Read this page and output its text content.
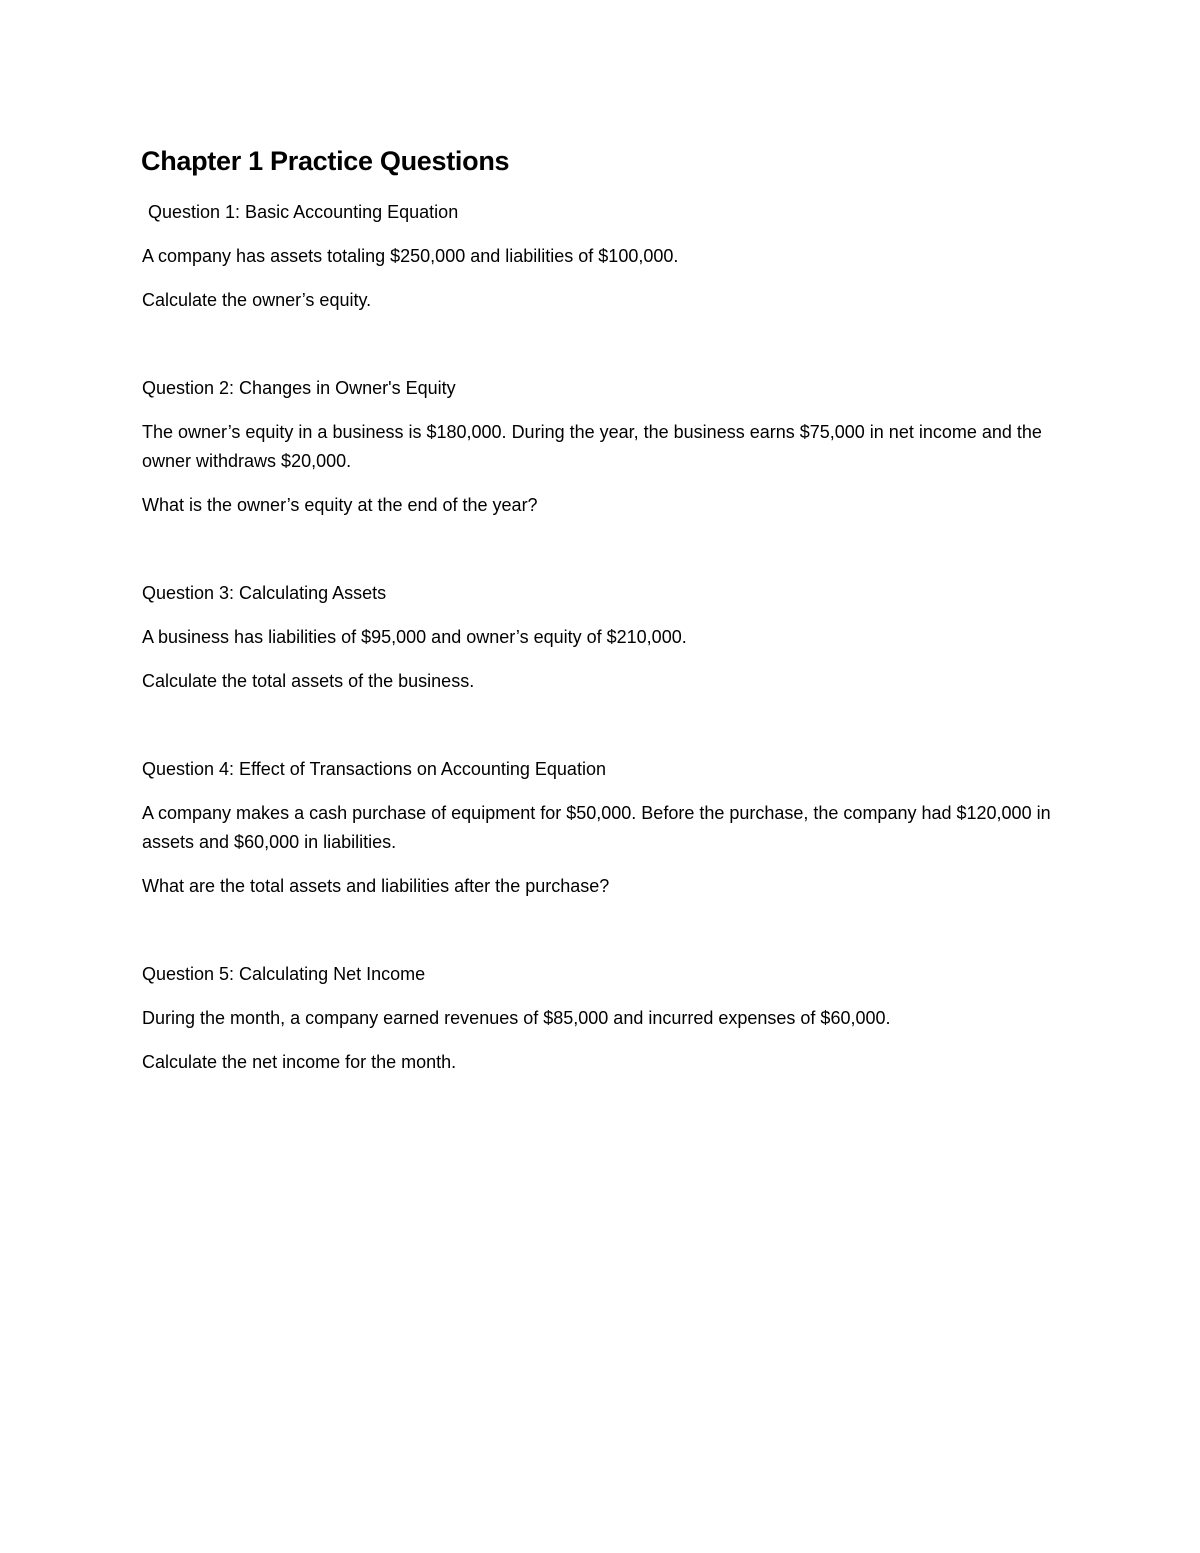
Chapter 1 Practice Questions

Question 1: Basic Accounting Equation

A company has assets totaling $250,000 and liabilities of $100,000.

Calculate the owner’s equity.

Question 2: Changes in Owner's Equity

The owner’s equity in a business is $180,000. During the year, the business earns $75,000 in net income and the owner withdraws $20,000.

What is the owner’s equity at the end of the year?

Question 3: Calculating Assets

A business has liabilities of $95,000 and owner’s equity of $210,000.

Calculate the total assets of the business.

Question 4: Effect of Transactions on Accounting Equation

A company makes a cash purchase of equipment for $50,000. Before the purchase, the company had $120,000 in assets and $60,000 in liabilities.

What are the total assets and liabilities after the purchase?

Question 5: Calculating Net Income

During the month, a company earned revenues of $85,000 and incurred expenses of $60,000.

Calculate the net income for the month.
